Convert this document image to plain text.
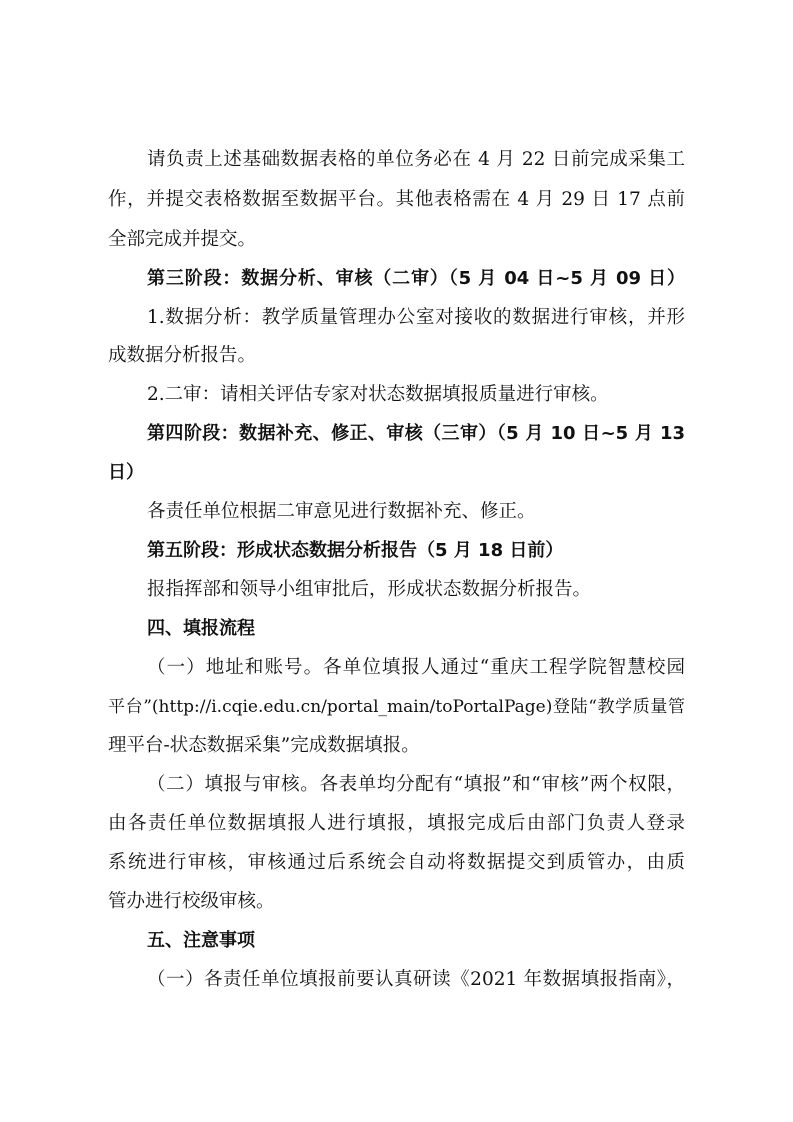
请负责上述基础数据表格的单位务必在 4 月 22 日前完成采集工
作，并提交表格数据至数据平台。其他表格需在 4 月 29 日 17 点前
全部完成并提交。
第三阶段：数据分析、审核（二审）（5 月 04 日~5 月 09 日）
1.数据分析：教学质量管理办公室对接收的数据进行审核，并形
成数据分析报告。
2.二审：请相关评估专家对状态数据填报质量进行审核。
第四阶段：数据补充、修正、审核（三审）（5 月 10 日~5 月 13
日）
各责任单位根据二审意见进行数据补充、修正。
第五阶段：形成状态数据分析报告（5 月 18 日前）
报指挥部和领导小组审批后，形成状态数据分析报告。
四、填报流程
（一）地址和账号。各单位填报人通过“重庆工程学院智慧校园
平台”(http://i.cqie.edu.cn/portal_main/toPortalPage)登陆“教学质量管
理平台-状态数据采集”完成数据填报。
（二）填报与审核。各表单均分配有“填报”和“审核”两个权限，
由各责任单位数据填报人进行填报，填报完成后由部门负责人登录
系统进行审核，审核通过后系统会自动将数据提交到质管办，由质
管办进行校级审核。
五、注意事项
（一）各责任单位填报前要认真研读《2021 年数据填报指南》，
